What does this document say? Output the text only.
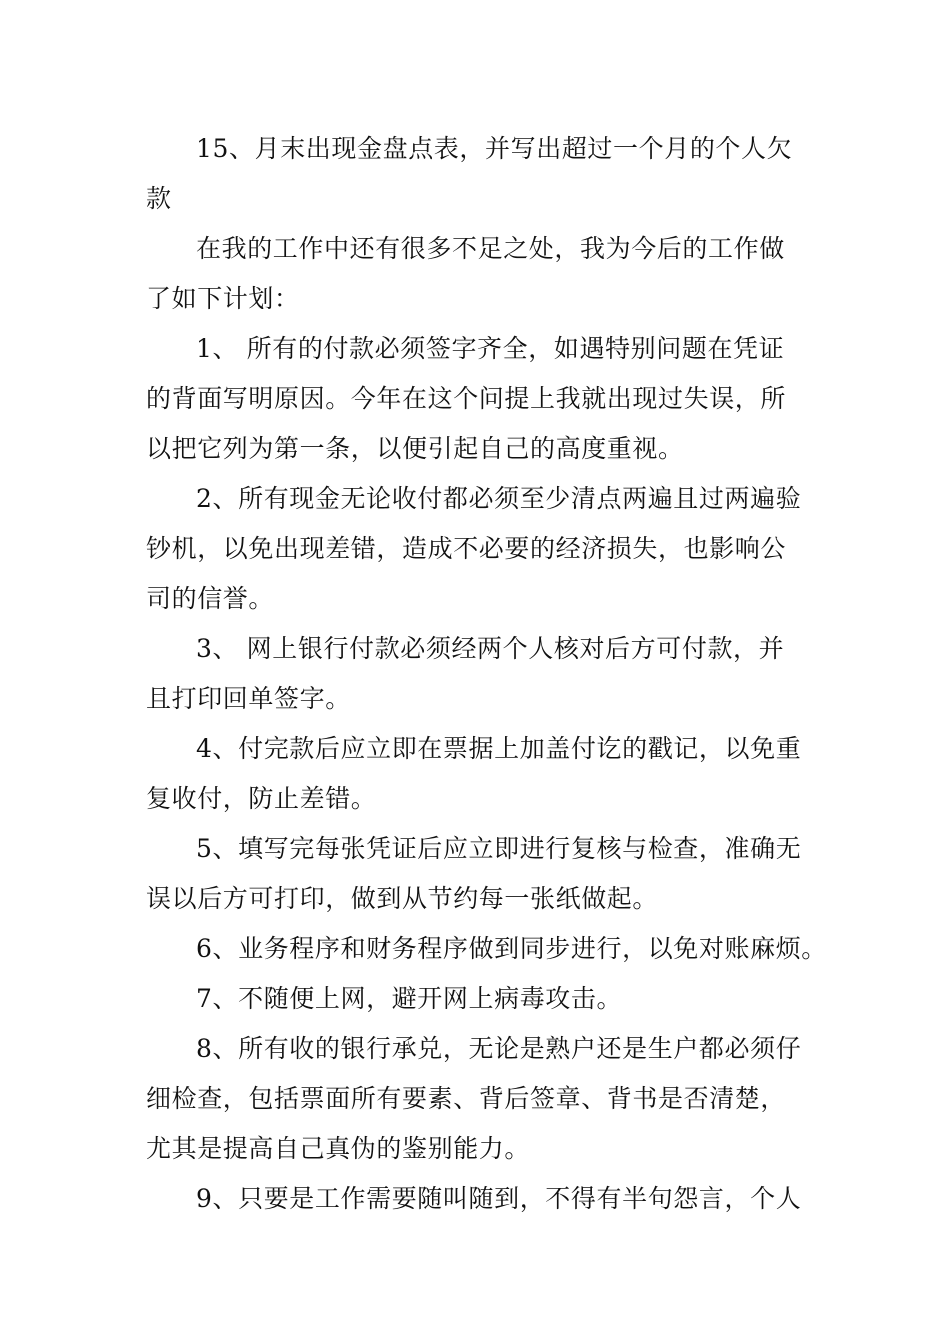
15、月末出现金盘点表，并写出超过一个月的个人欠
款
在我的工作中还有很多不足之处，我为今后的工作做
了如下计划：
1、 所有的付款必须签字齐全，如遇特别问题在凭证
的背面写明原因。今年在这个问提上我就出现过失误，所
以把它列为第一条，以便引起自己的高度重视。
2、所有现金无论收付都必须至少清点两遍且过两遍验
钞机，以免出现差错，造成不必要的经济损失，也影响公
司的信誉。
3、 网上银行付款必须经两个人核对后方可付款，并
且打印回单签字。
4、付完款后应立即在票据上加盖付讫的戳记，以免重
复收付，防止差错。
5、填写完每张凭证后应立即进行复核与检查，准确无
误以后方可打印，做到从节约每一张纸做起。
6、业务程序和财务程序做到同步进行，以免对账麻烦。
7、不随便上网，避开网上病毒攻击。
8、所有收的银行承兑，无论是熟户还是生户都必须仔
细检查，包括票面所有要素、背后签章、背书是否清楚，
尤其是提高自己真伪的鉴别能力。
9、只要是工作需要随叫随到，不得有半句怨言，个人
